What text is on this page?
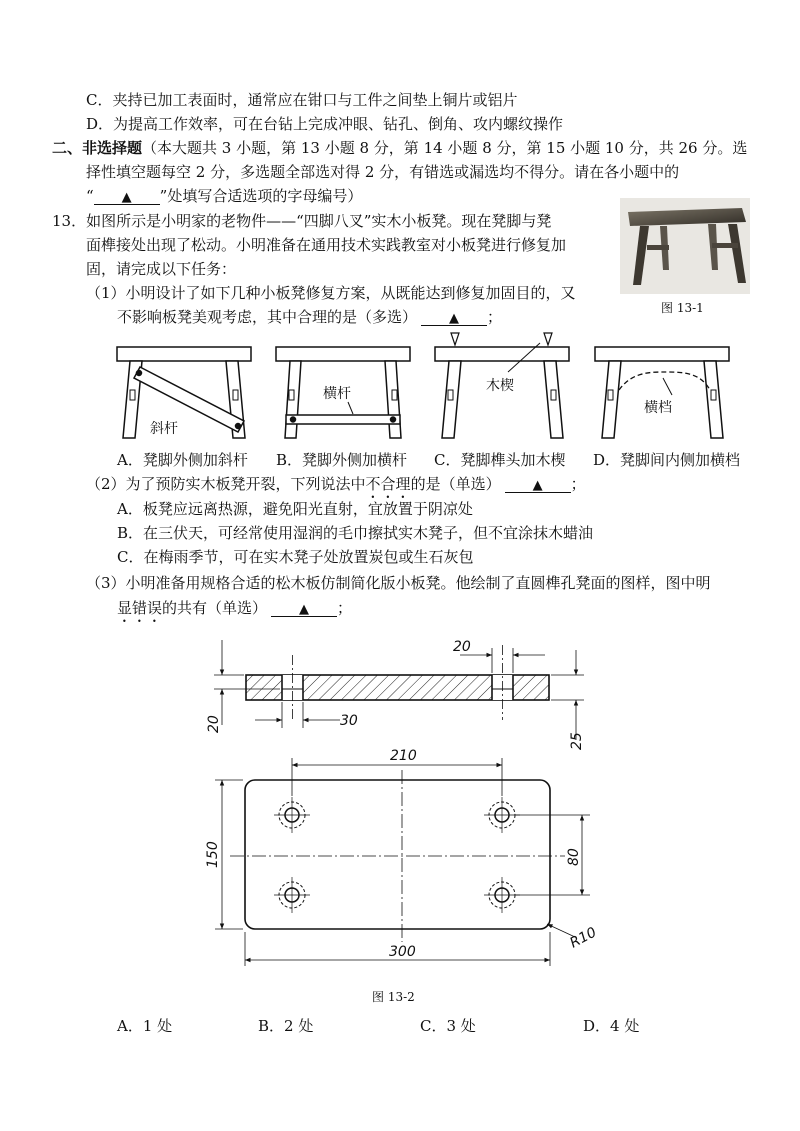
C．夹持已加工表面时，通常应在钳口与工件之间垫上铜片或铝片
D．为提高工作效率，可在台钻上完成冲眼、钻孔、倒角、攻内螺纹操作
二、非选择题（本大题共 3 小题，第 13 小题 8 分，第 14 小题 8 分，第 15 小题 10 分，共 26 分。选
择性填空题每空 2 分，多选题全部选对得 2 分，有错选或漏选均不得分。请在各小题中的
“ ▲ ”处填写合适选项的字母编号）
13．如图所示是小明家的老物件——“四脚八叉”实木小板凳。现在凳脚与凳
面榫接处出现了松动。小明准备在通用技术实践教室对小板凳进行修复加
固，请完成以下任务：
图 13-1
（1）小明设计了如下几种小板凳修复方案，从既能达到修复加固目的，又
不影响板凳美观考虑，其中合理的是（多选） ▲ ；
A．凳脚外侧加斜杆 B．凳脚外侧加横杆 C．凳脚榫头加木楔 D．凳脚间内侧加横档
（2）为了预防实木板凳开裂，下列说法中不合理的是（单选） ▲ ；
A．板凳应远离热源，避免阳光直射，宜放置于阴凉处
B．在三伏天，可经常使用湿润的毛巾擦拭实木凳子，但不宜涂抹木蜡油
C．在梅雨季节，可在实木凳子处放置炭包或生石灰包
（3）小明准备用规格合适的松木板仿制简化版小板凳。他绘制了直圆榫孔凳面的图样，图中明
显错误的共有（单选） ▲ ；
图 13-2
A．1 处	B．2 处	C．3 处	D．4 处
斜杆
横杆	木楔
横档
20
20	30
25
210
150	80
300
R10
